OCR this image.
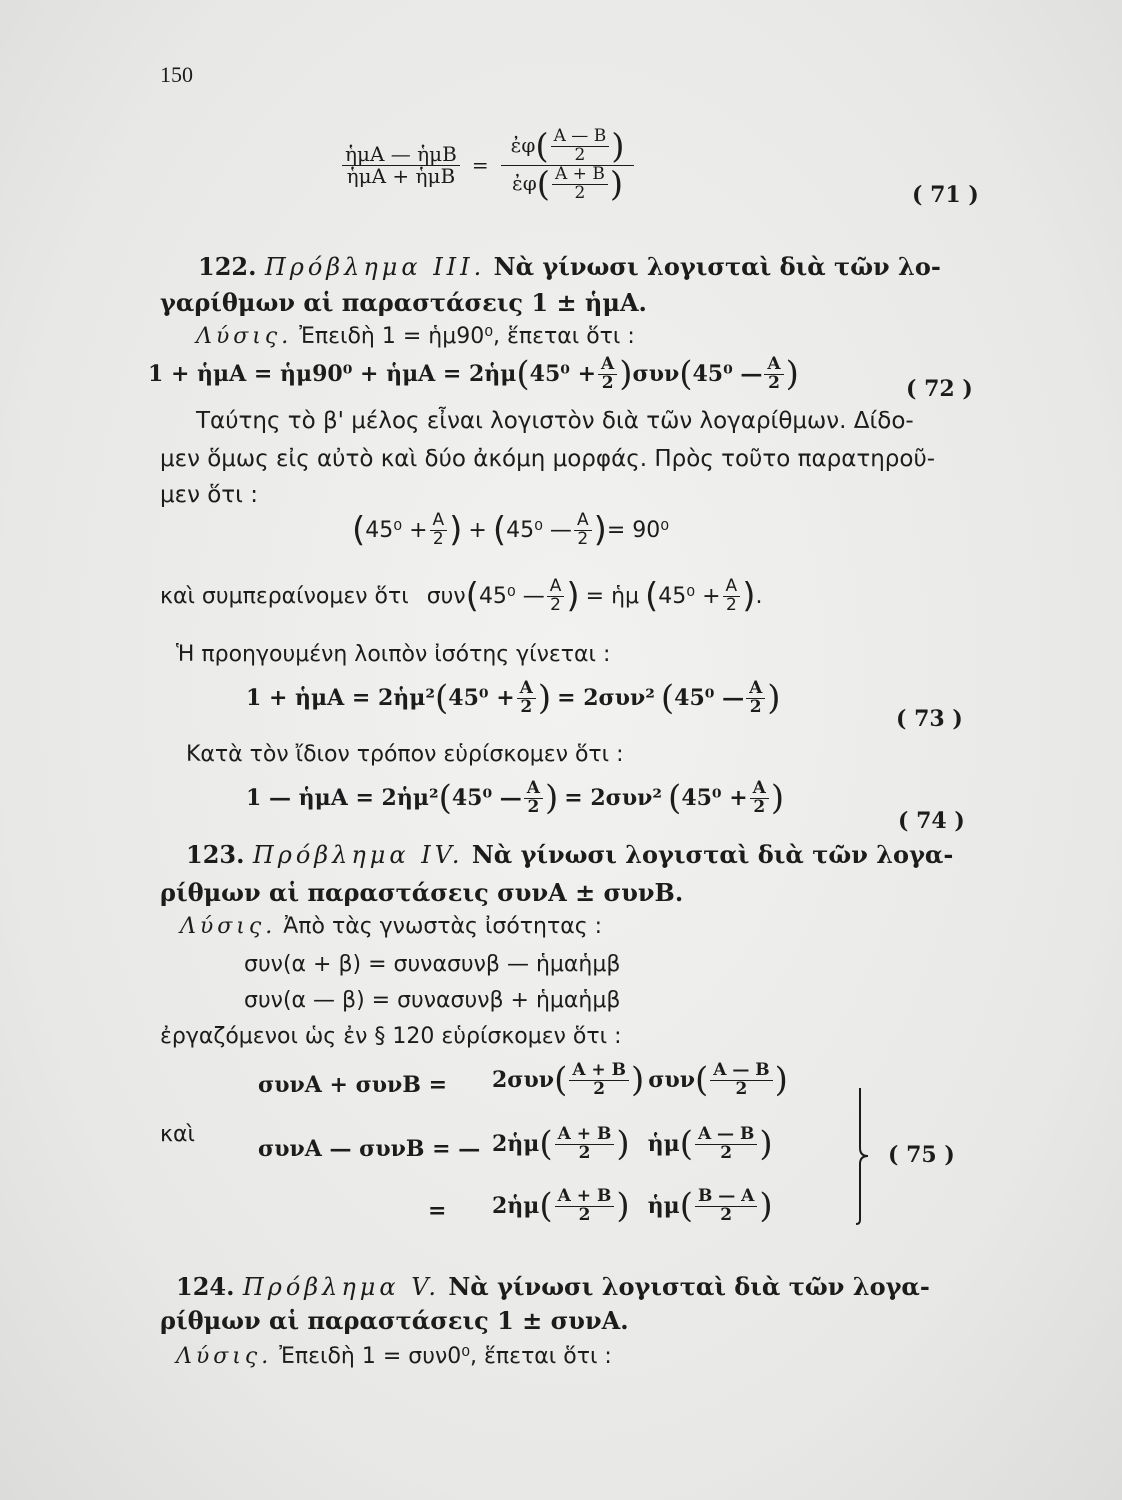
150
$\frac{\text{ἡμΑ — ἡμΒ}}{\text{ἡμΑ + ἡμΒ}} = \frac{ἐ\varphi( \frac{A — B}{2} )}{ἐ\varphi( \frac{A + B}{2} )}$	( 71 )
122. Πρόβλημα ΙΙΙ. Νὰ γίνωσι λογισταὶ διὰ τῶν λο-
γαρίθμων αἱ παραστάσεις 1 ± ἡμΑ.
Λύσις. Ἐπειδὴ 1 = ἡμ90⁰, ἕπεται ὅτι :
1 + ἡμΑ = ἡμ90⁰ + ἡμΑ = 2ἡμ ( $45^0 + \frac{A}{2}$ ) συν ( 45⁰ — $\frac{A}{2}$ )	( 72 )
Ταύτης τὸ β' μέλος εἶναι λογιστὸν διὰ τῶν λογαρίθμων. Δίδο-
μεν ὅμως εἰς αὐτὸ καὶ δύο ἀκόμη μορφάς. Πρὸς τοῦτο παρατηροῦ-
μεν ὅτι :
( $45^0 + \frac{A}{2}$ ) + ( 45⁰ — $\frac{A}{2}$ ) = 90⁰
καὶ συμπεραίνομεν ὅτι συν ( 45⁰ — $\frac{A}{2}$ ) = ἡμ ( $45^0 + \frac{A}{2}$ ) .
Ἡ προηγουμένη λοιπὸν ἰσότης γίνεται :
1 + ἡμΑ = 2ἡμ² ( $45^0 + \frac{A}{2}$ ) = 2συν² ( 45⁰ — $\frac{A}{2}$ )
( 73 )
Κατὰ τὸν ἴδιον τρόπον εὑρίσκομεν ὅτι :
1 — ἡμΑ = 2ἡμ² ( 45⁰ — $\frac{A}{2}$ ) = 2συν² ( $45^0 + \frac{A}{2}$ )
( 74 )
123. Πρόβλημα ΙV. Νὰ γίνωσι λογισταὶ διὰ τῶν λογα-
ρίθμων αἱ παραστάσεις συνΑ ± συνΒ.
Λύσις. Ἀπὸ τὰς γνωστὰς ἰσότητας :
συν(α + β) = συνασυνβ — ἡμαἡμβ
συν(α — β) = συνασυνβ + ἡμαἡμβ
ἐργαζόμενοι ὡς ἐν § 120 εὑρίσκομεν ὅτι :
καὶ
συνΑ + συνΒ = 2συν ( $\frac{A + B}{2}$ ) συν ( $\frac{A — B}{2}$ )
συνΑ — συνΒ = — 2ἡμ ( $\frac{A + B}{2}$ ) ἡμ ( $\frac{A — B}{2}$ )
= 2ἡμ ( $\frac{A + B}{2}$ ) ἡμ ( $\frac{B — A}{2}$ )
( 75 )
124. Πρόβλημα V. Νὰ γίνωσι λογισταὶ διὰ τῶν λογα-
ρίθμων αἱ παραστάσεις 1 ± συνΑ.
Λύσις. Ἐπειδὴ 1 = συν0⁰, ἕπεται ὅτι :
